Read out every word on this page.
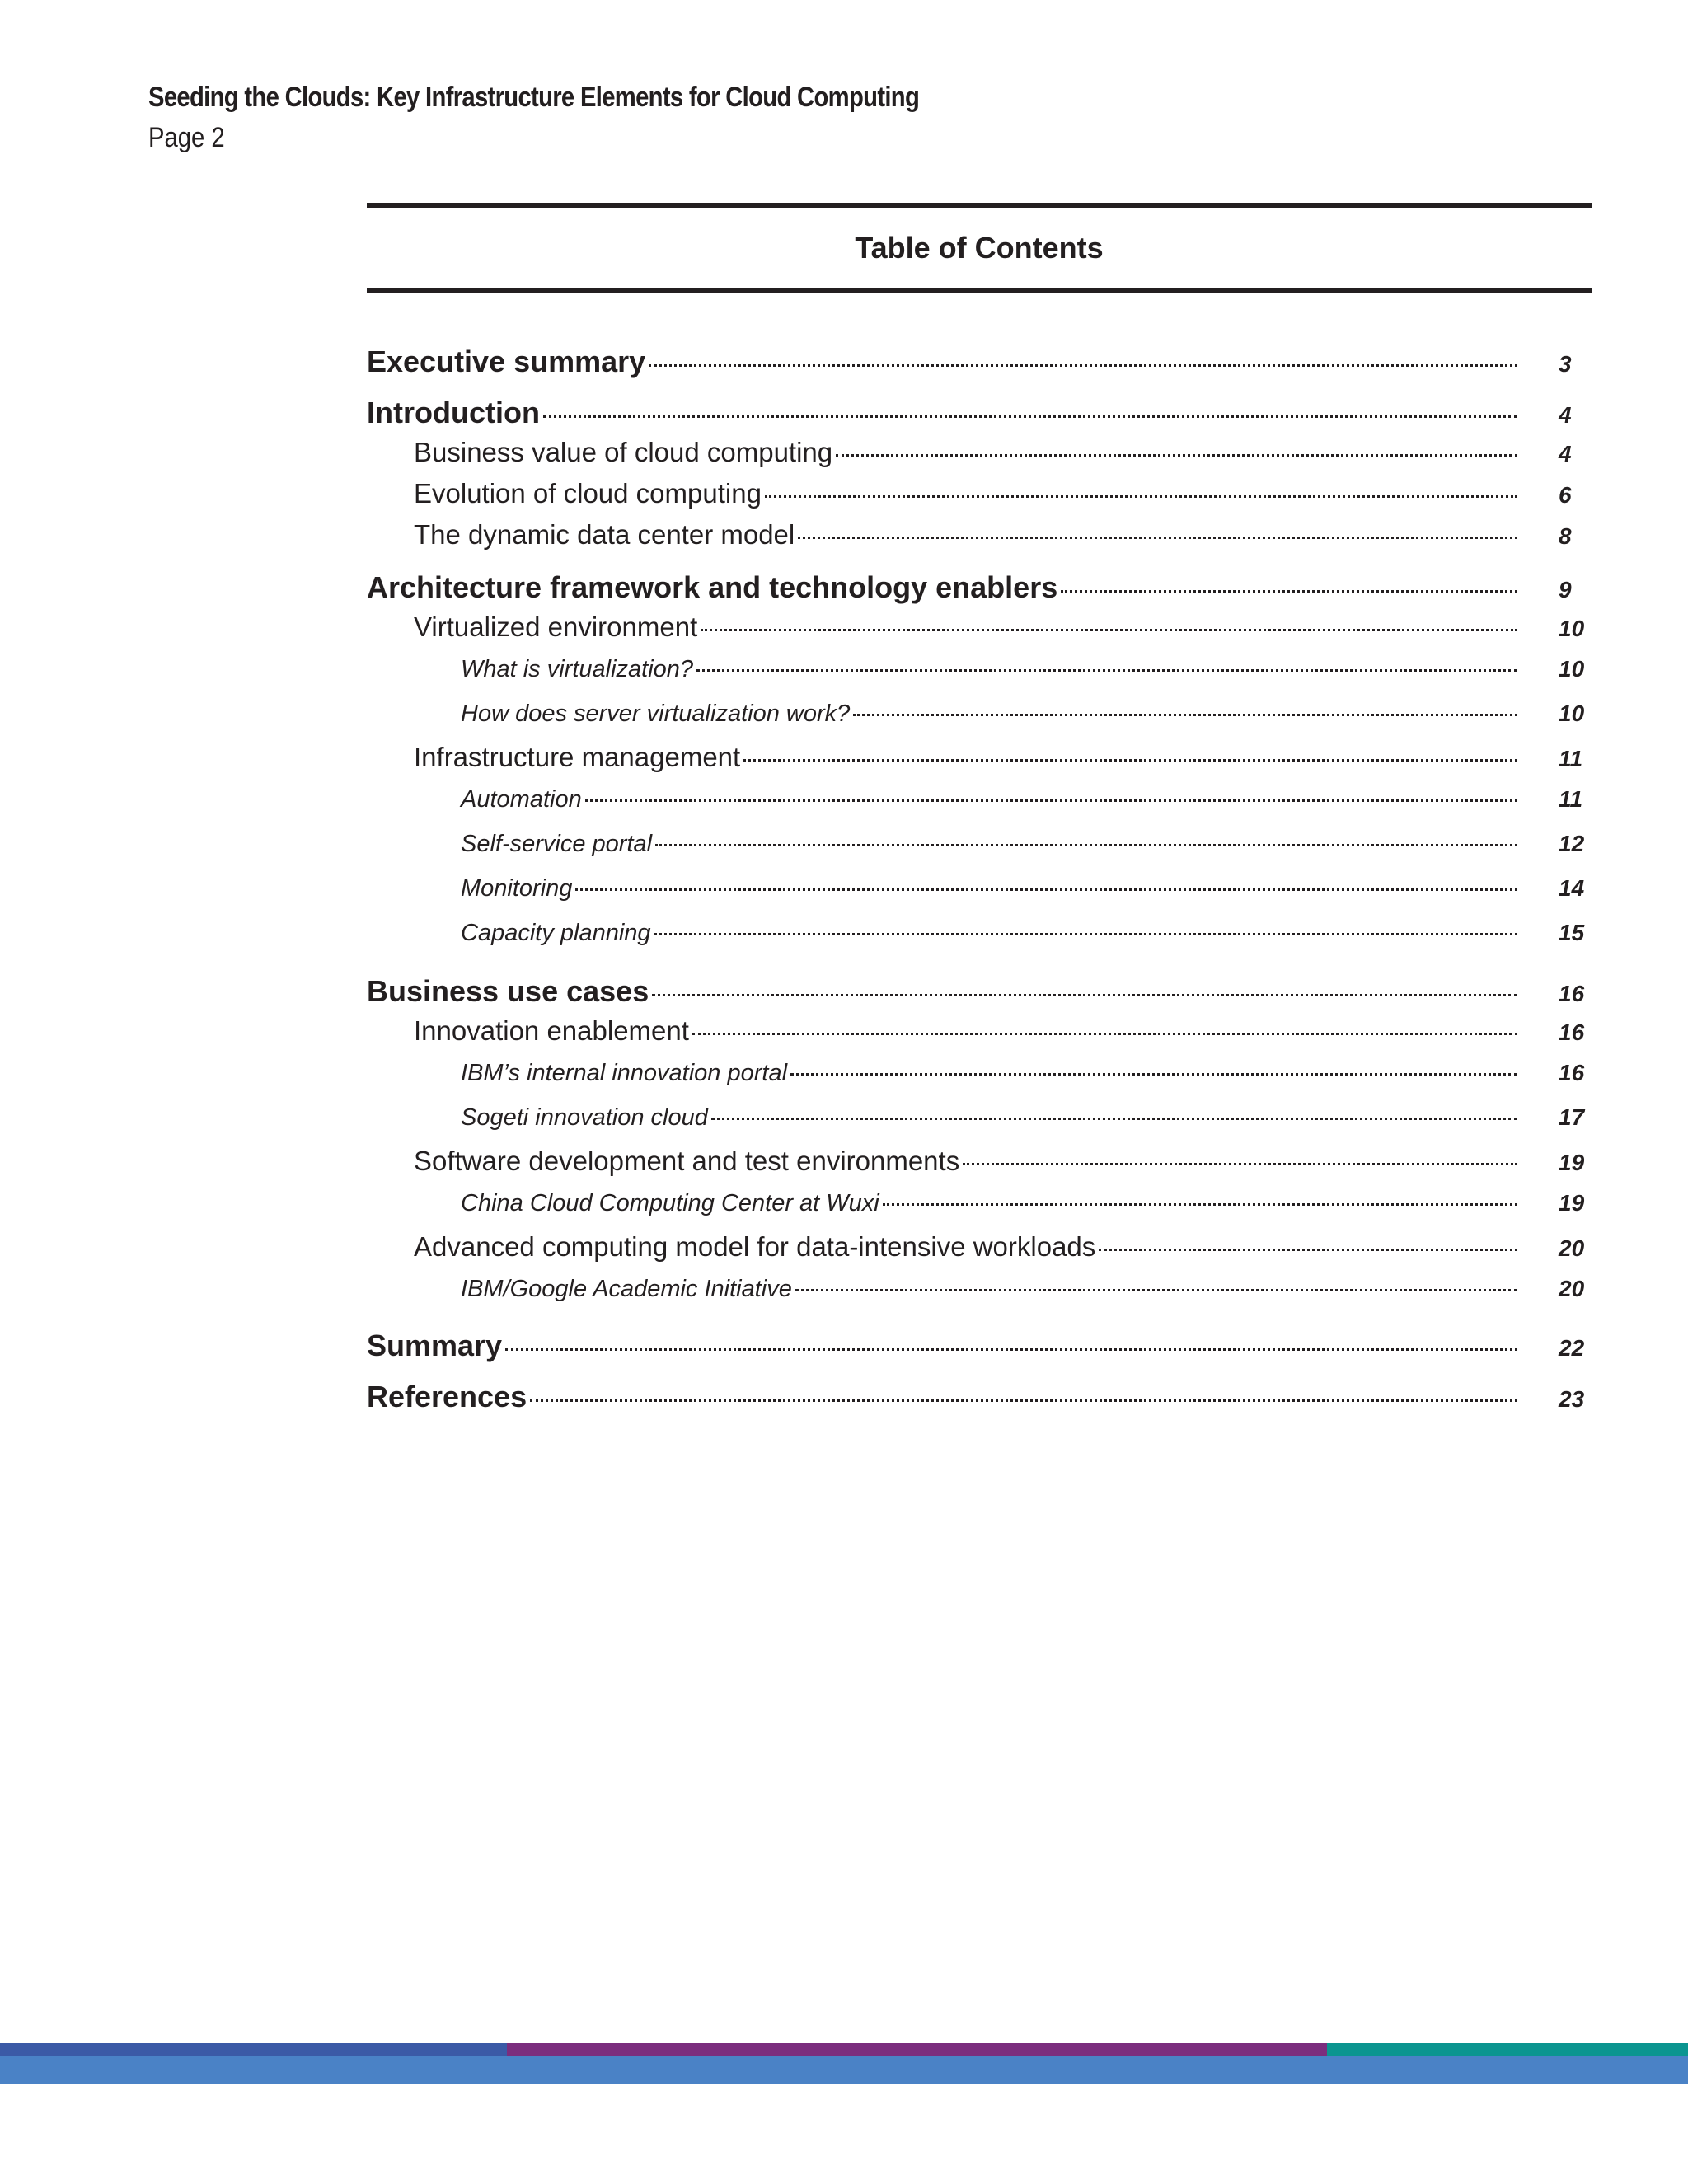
Seeding the Clouds: Key Infrastructure Elements for Cloud Computing
Page 2
Table of Contents
Executive summary	3
Introduction	4
Business value of cloud computing	4
Evolution of cloud computing	6
The dynamic data center model	8
Architecture framework and technology enablers	9
Virtualized environment	10
What is virtualization?	10
How does server virtualization work?	10
Infrastructure management	11
Automation	11
Self-service portal	12
Monitoring	14
Capacity planning	15
Business use cases	16
Innovation enablement	16
IBM’s internal innovation portal	16
Sogeti innovation cloud	17
Software development and test environments	19
China Cloud Computing Center at Wuxi	19
Advanced computing model for data-intensive workloads	20
IBM/Google Academic Initiative	20
Summary	22
References	23
